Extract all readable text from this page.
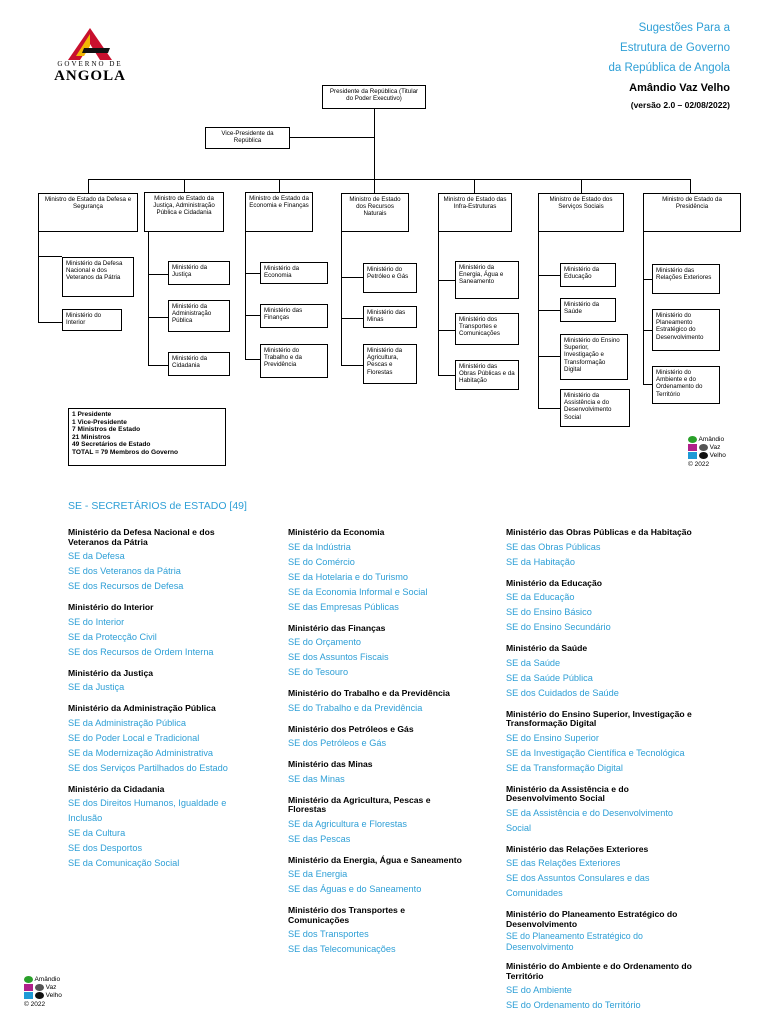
GOVERNO DE
ANGOLA
Sugestões Para a
Estrutura de Governo
da República de Angola
Amândio Vaz Velho
(versão 2.0 – 02/08/2022)
Presidente da República (Titular do Poder Executivo)
Vice-Presidente da República
Ministro de Estado da Defesa e Segurança
Ministro de Estado da Justiça, Administração Pública e Cidadania
Ministro de Estado da Economia e Finanças
Ministro de Estado dos Recursos Naturais
Ministro de Estado das Infra-Estruturas
Ministro de Estado dos Serviços Sociais
Ministro de Estado da Presidência
Ministério da Defesa Nacional e dos Veteranos da Pátria
Ministério do Interior
Ministério da Justiça
Ministério da Administração Pública
Ministério da Cidadania
Ministério da Economia
Ministério das Finanças
Ministério do Trabalho e da Previdência
Ministério do Petróleo e Gás
Ministério das Minas
Ministério da Agricultura, Pescas e Florestas
Ministério da Energia, Água e Saneamento
Ministério dos Transportes e Comunicações
Ministério das Obras Públicas e da Habitação
Ministério da Educação
Ministério da Saúde
Ministério do Ensino Superior, Investigação e Transformação Digital
Ministério da Assistência e do Desenvolvimento Social
Ministério das Relações Exteriores
Ministério do Planeamento Estratégico do Desenvolvimento
Ministério do Ambiente e do Ordenamento do Território
1 Presidente
1 Vice-Presidente
7 Ministros de Estado
21 Ministros
49 Secretários de Estado
TOTAL = 79 Membros do Governo
Amândio
Vaz
Velho
© 2022
SE - SECRETÁRIOS de ESTADO [49]
Ministério da Defesa Nacional e dos Veteranos da Pátria
SE da Defesa
SE dos Veteranos da Pátria
SE dos Recursos de Defesa
Ministério do Interior
SE do Interior
SE da Protecção Civil
SE dos Recursos de Ordem Interna
Ministério da Justiça
SE da Justiça
Ministério da Administração Pública
SE da Administração Pública
SE do Poder Local e Tradicional
SE da Modernização Administrativa
SE dos Serviços Partilhados do Estado
Ministério da Cidadania
SE dos Direitos Humanos, Igualdade e Inclusão
SE da Cultura
SE dos Desportos
SE da Comunicação Social
Ministério da Economia
SE da Indústria
SE do Comércio
SE da Hotelaria e do Turismo
SE da Economia Informal e Social
SE das Empresas Públicas
Ministério das Finanças
SE do Orçamento
SE dos Assuntos Fiscais
SE do Tesouro
Ministério do Trabalho e da Previdência
SE do Trabalho e da Previdência
Ministério dos Petróleos e Gás
SE dos Petróleos e Gás
Ministério das Minas
SE das Minas
Ministério da Agricultura, Pescas e Florestas
SE da Agricultura e Florestas
SE das Pescas
Ministério da Energia, Água e Saneamento
SE da Energia
SE das Águas e do Saneamento
Ministério dos Transportes e Comunicações
SE dos Transportes
SE das Telecomunicações
Ministério das Obras Públicas e da Habitação
SE das Obras Públicas
SE da Habitação
Ministério da Educação
SE da Educação
SE do Ensino Básico
SE do Ensino Secundário
Ministério da Saúde
SE da Saúde
SE da Saúde Pública
SE dos Cuidados de Saúde
Ministério do Ensino Superior, Investigação e Transformação Digital
SE do Ensino Superior
SE da Investigação Científica e Tecnológica
SE da Transformação Digital
Ministério da Assistência e do Desenvolvimento Social
SE da Assistência e do Desenvolvimento Social
Ministério das Relações Exteriores
SE das Relações Exteriores
SE dos Assuntos Consulares e das Comunidades
Ministério do Planeamento Estratégico do Desenvolvimento
SE do Planeamento Estratégico do Desenvolvimento
Ministério do Ambiente e do Ordenamento do Território
SE do Ambiente
SE do Ordenamento do Território
Amândio
Vaz
Velho
© 2022
